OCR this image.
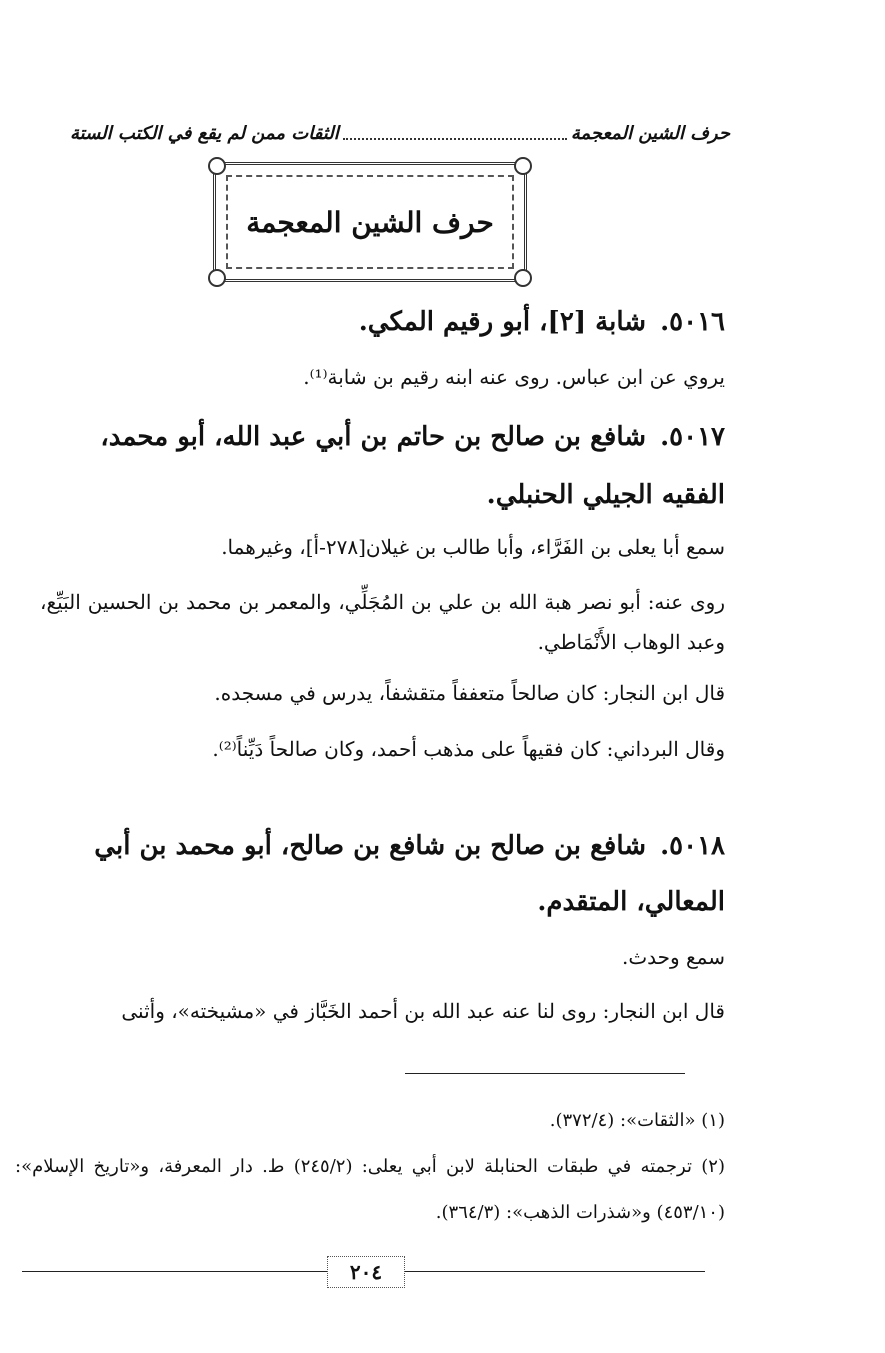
حرف الشين المعجمة
الثقات ممن لم يقع في الكتب الستة
حرف الشين المعجمة
٥٠١٦.شابة [٢]، أبو رقيم المكي.

يروي عن ابن عباس. روى عنه ابنه رقيم بن شابة⁽¹⁾.

٥٠١٧.شافع بن صالح بن حاتم بن أبي عبد الله، أبو محمد، الفقيه الجيلي الحنبلي.

سمع أبا يعلى بن الفَرَّاء، وأبا طالب بن غيلان[٢٧٨-أ]، وغيرهما.

روى عنه: أبو نصر هبة الله بن علي بن المُجَلِّي، والمعمر بن محمد بن الحسين البَيِّع، وعبد الوهاب الأَنْمَاطي.

قال ابن النجار: كان صالحاً متعففاً متقشفاً، يدرس في مسجده.

وقال البرداني: كان فقيهاً على مذهب أحمد، وكان صالحاً دَيِّناً⁽²⁾.

٥٠١٨.شافع بن صالح بن شافع بن صالح، أبو محمد بن أبي المعالي، المتقدم.

سمع وحدث.

قال ابن النجار: روى لنا عنه عبد الله بن أحمد الخَبَّاز في «مشيخته»، وأثنى

(١) «الثقات»: (٣٧٢/٤).

(٢) ترجمته في طبقات الحنابلة لابن أبي يعلى: (٢٤٥/٢) ط. دار المعرفة، و«تاريخ الإسلام»: (٤٥٣/١٠) و«شذرات الذهب»: (٣٦٤/٣).

٢٠٤
